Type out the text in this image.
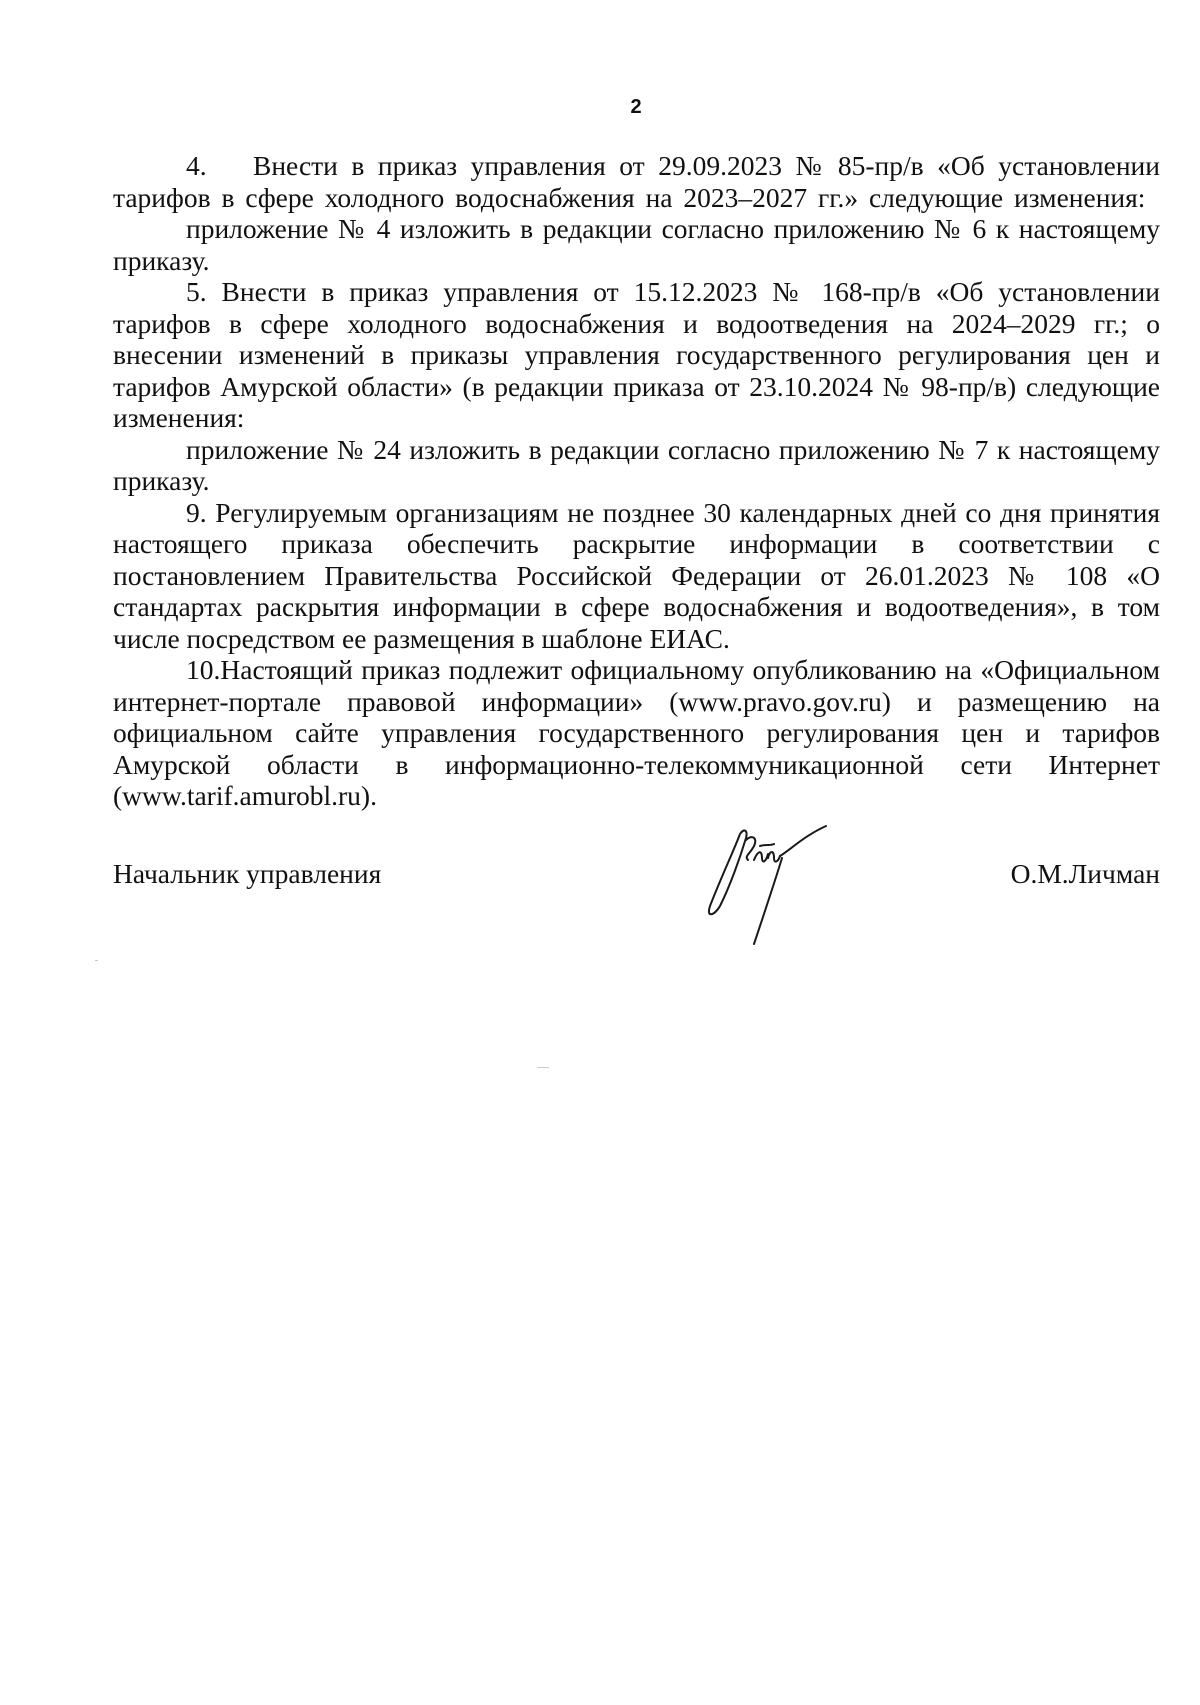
2

4. Внести в приказ управления от 29.09.2023 № 85-пр/в «Об установлении тарифов в сфере холодного водоснабжения на 2023–2027 гг.» следующие изменения:

приложение № 4 изложить в редакции согласно приложению № 6 к настоящему приказу.

5. Внести в приказ управления от 15.12.2023 № 168-пр/в «Об установлении тарифов в сфере холодного водоснабжения и водоотведения на 2024–2029 гг.; о внесении изменений в приказы управления государственного регулирования цен и тарифов Амурской области» (в редакции приказа от 23.10.2024 № 98-пр/в) следующие изменения:

приложение № 24 изложить в редакции согласно приложению № 7 к настоящему приказу.

9. Регулируемым организациям не позднее 30 календарных дней со дня принятия настоящего приказа обеспечить раскрытие информации в соответствии с постановлением Правительства Российской Федерации от 26.01.2023 № 108 «О стандартах раскрытия информации в сфере водоснабжения и водоотведения», в том числе посредством ее размещения в шаблоне ЕИАС.

10.Настоящий приказ подлежит официальному опубликованию на «Официальном интернет-портале правовой информации» (www.pravo.gov.ru) и размещению на официальном сайте управления государственного регулирования цен и тарифов Амурской области в информационно-телекоммуникационной сети Интернет (www.tarif.amurobl.ru).

Начальник управления	О.М.Личман
